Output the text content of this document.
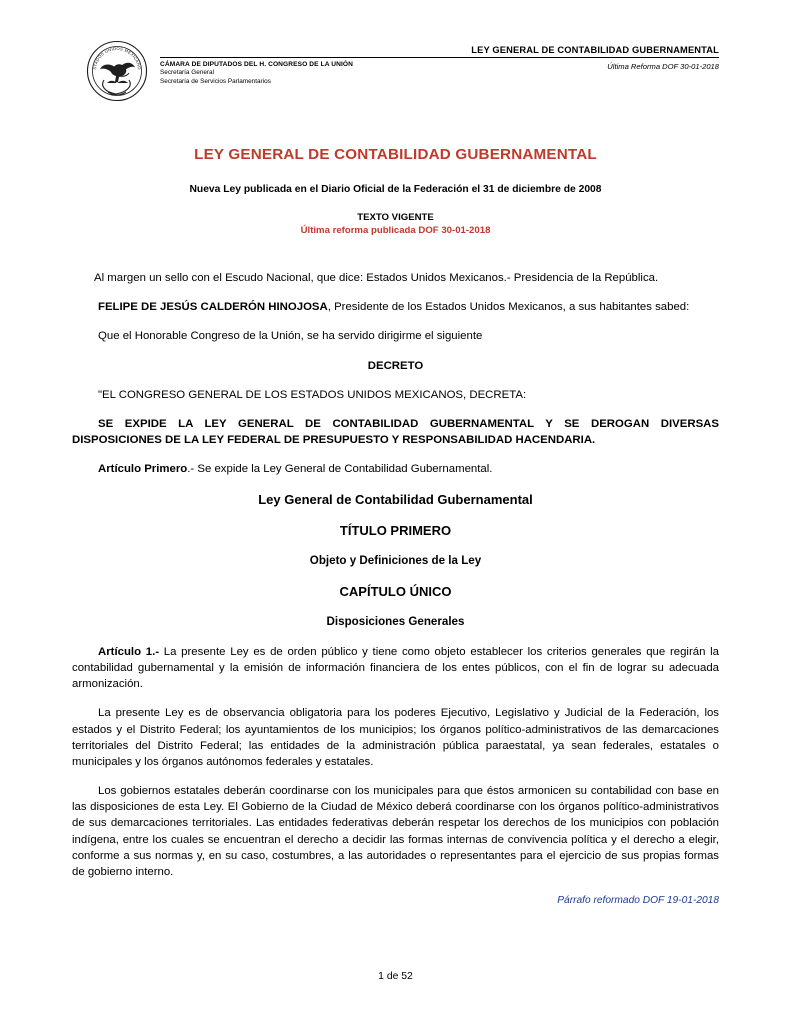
STADOS UNIDOS MEXICANO
LEY GENERAL DE CONTABILIDAD GUBERNAMENTAL
CÁMARA DE DIPUTADOS DEL H. CONGRESO DE LA UNIÓN
Secretaría General
Secretaría de Servicios Parlamentarios
Última Reforma DOF 30-01-2018
LEY GENERAL DE CONTABILIDAD GUBERNAMENTAL
Nueva Ley publicada en el Diario Oficial de la Federación el 31 de diciembre de 2008
TEXTO VIGENTE
Última reforma publicada DOF 30-01-2018

Al margen un sello con el Escudo Nacional, que dice: Estados Unidos Mexicanos.- Presidencia de la República.

FELIPE DE JESÚS CALDERÓN HINOJOSA, Presidente de los Estados Unidos Mexicanos, a sus habitantes sabed:

Que el Honorable Congreso de la Unión, se ha servido dirigirme el siguiente

DECRETO

"EL CONGRESO GENERAL DE LOS ESTADOS UNIDOS MEXICANOS, DECRETA:

SE EXPIDE LA LEY GENERAL DE CONTABILIDAD GUBERNAMENTAL Y SE DEROGAN DIVERSAS DISPOSICIONES DE LA LEY FEDERAL DE PRESUPUESTO Y RESPONSABILIDAD HACENDARIA.

Artículo Primero.- Se expide la Ley General de Contabilidad Gubernamental.

Ley General de Contabilidad Gubernamental

TÍTULO PRIMERO

Objeto y Definiciones de la Ley

CAPÍTULO ÚNICO

Disposiciones Generales

Artículo 1.- La presente Ley es de orden público y tiene como objeto establecer los criterios generales que regirán la contabilidad gubernamental y la emisión de información financiera de los entes públicos, con el fin de lograr su adecuada armonización.

La presente Ley es de observancia obligatoria para los poderes Ejecutivo, Legislativo y Judicial de la Federación, los estados y el Distrito Federal; los ayuntamientos de los municipios; los órganos político-administrativos de las demarcaciones territoriales del Distrito Federal; las entidades de la administración pública paraestatal, ya sean federales, estatales o municipales y los órganos autónomos federales y estatales.

Los gobiernos estatales deberán coordinarse con los municipales para que éstos armonicen su contabilidad con base en las disposiciones de esta Ley. El Gobierno de la Ciudad de México deberá coordinarse con los órganos político-administrativos de sus demarcaciones territoriales. Las entidades federativas deberán respetar los derechos de los municipios con población indígena, entre los cuales se encuentran el derecho a decidir las formas internas de convivencia política y el derecho a elegir, conforme a sus normas y, en su caso, costumbres, a las autoridades o representantes para el ejercicio de sus propias formas de gobierno interno.

Párrafo reformado DOF 19-01-2018
1 de 52
